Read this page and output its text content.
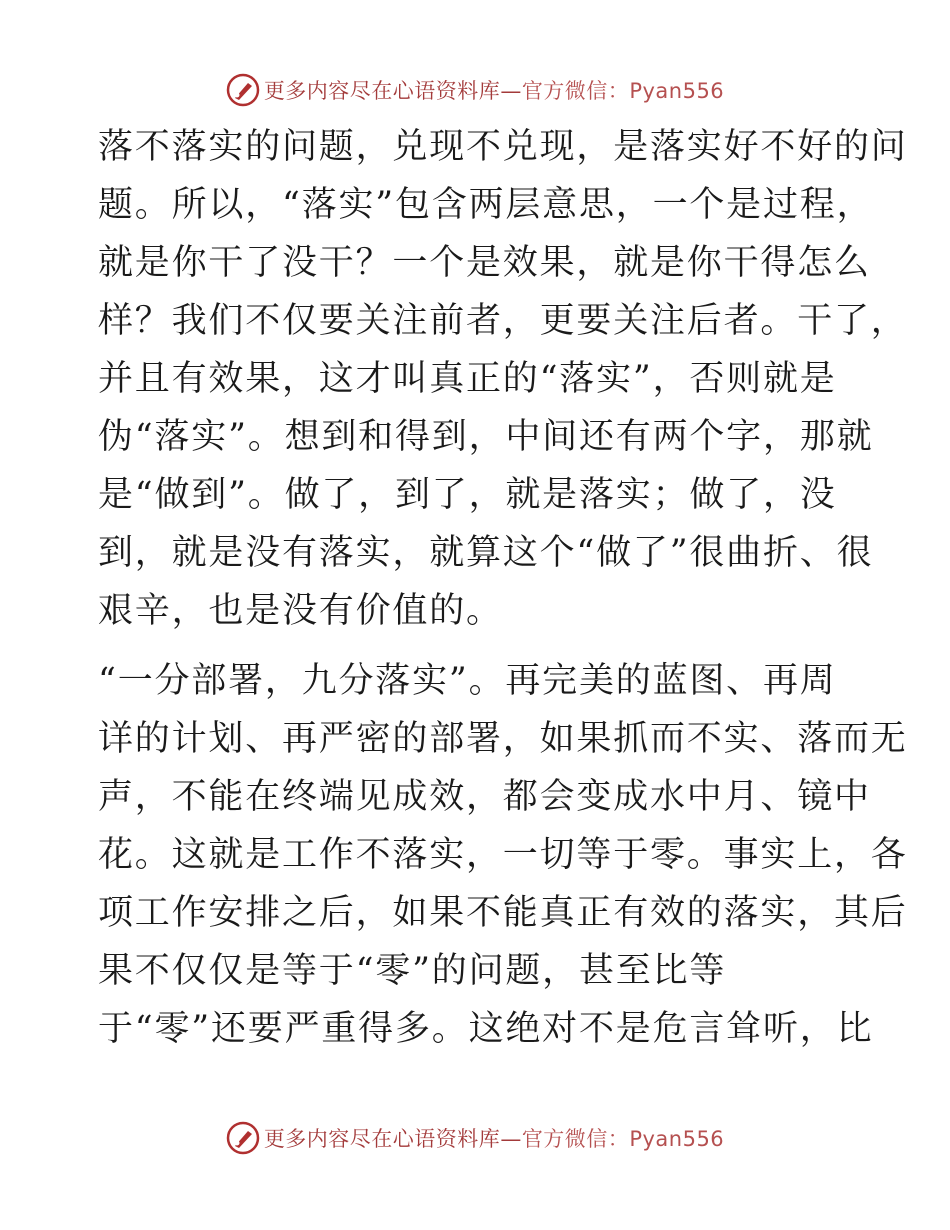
更多内容尽在心语资料库—官方微信：Pyan556
落不落实的问题，兑现不兑现，是落实好不好的问
题。所以，“落实”包含两层意思，一个是过程，
就是你干了没干？一个是效果，就是你干得怎么
样？我们不仅要关注前者，更要关注后者。干了，
并且有效果，这才叫真正的“落实”，否则就是
伪“落实”。想到和得到，中间还有两个字，那就
是“做到”。做了，到了，就是落实；做了，没
到，就是没有落实，就算这个“做了”很曲折、很
艰辛，也是没有价值的。
“一分部署，九分落实”。再完美的蓝图、再周
详的计划、再严密的部署，如果抓而不实、落而无
声，不能在终端见成效，都会变成水中月、镜中
花。这就是工作不落实，一切等于零。事实上，各
项工作安排之后，如果不能真正有效的落实，其后
果不仅仅是等于“零”的问题，甚至比等
于“零”还要严重得多。这绝对不是危言耸听，比
更多内容尽在心语资料库—官方微信：Pyan556
